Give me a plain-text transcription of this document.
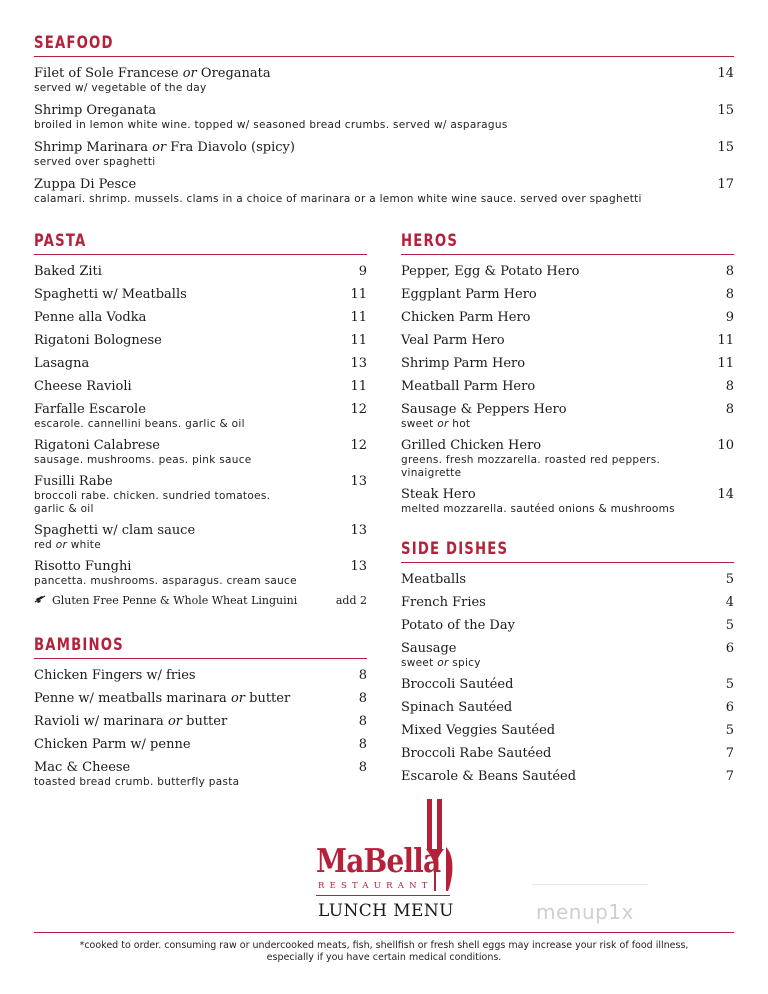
SEAFOOD
Filet of Sole Francese or Oreganata	14
served w/ vegetable of the day
Shrimp Oreganata	15
broiled in lemon white wine. topped w/ seasoned bread crumbs. served w/ asparagus
Shrimp Marinara or Fra Diavolo (spicy)	15
served over spaghetti
Zuppa Di Pesce	17
calamari. shrimp. mussels. clams in a choice of marinara or a lemon white wine sauce. served over spaghetti
PASTA
Baked Ziti	9
Spaghetti w/ Meatballs	11
Penne alla Vodka	11
Rigatoni Bolognese	11
Lasagna	13
Cheese Ravioli	11
Farfalle Escarole	12
escarole. cannellini beans. garlic & oil
Rigatoni Calabrese	12
sausage. mushrooms. peas. pink sauce
Fusilli Rabe	13
broccoli rabe. chicken. sundried tomatoes. garlic & oil
Spaghetti w/ clam sauce	13
red or white
Risotto Funghi	13
pancetta. mushrooms. asparagus. cream sauce
Gluten Free Penne & Whole Wheat Linguini	add 2
BAMBINOS
Chicken Fingers w/ fries	8
Penne w/ meatballs marinara or butter	8
Ravioli w/ marinara or butter	8
Chicken Parm w/ penne	8
Mac & Cheese	8
toasted bread crumb. butterfly pasta
HEROS
Pepper, Egg & Potato Hero	8
Eggplant Parm Hero	8
Chicken Parm Hero	9
Veal Parm Hero	11
Shrimp Parm Hero	11
Meatball Parm Hero	8
Sausage & Peppers Hero	8
sweet or hot
Grilled Chicken Hero	10
greens. fresh mozzarella. roasted red peppers. vinaigrette
Steak Hero	14
melted mozzarella. sautéed onions & mushrooms
SIDE DISHES
Meatballs	5
French Fries	4
Potato of the Day	5
Sausage	6
sweet or spicy
Broccoli Sautéed	5
Spinach Sautéed	6
Mixed Veggies Sautéed	5
Broccoli Rabe Sautéed	7
Escarole & Beans Sautéed	7
MaBella
RESTAURANT
LUNCH MENU	menup1x
*cooked to order. consuming raw or undercooked meats, fish, shellfish or fresh shell eggs may increase your risk of food illness,
especially if you have certain medical conditions.
